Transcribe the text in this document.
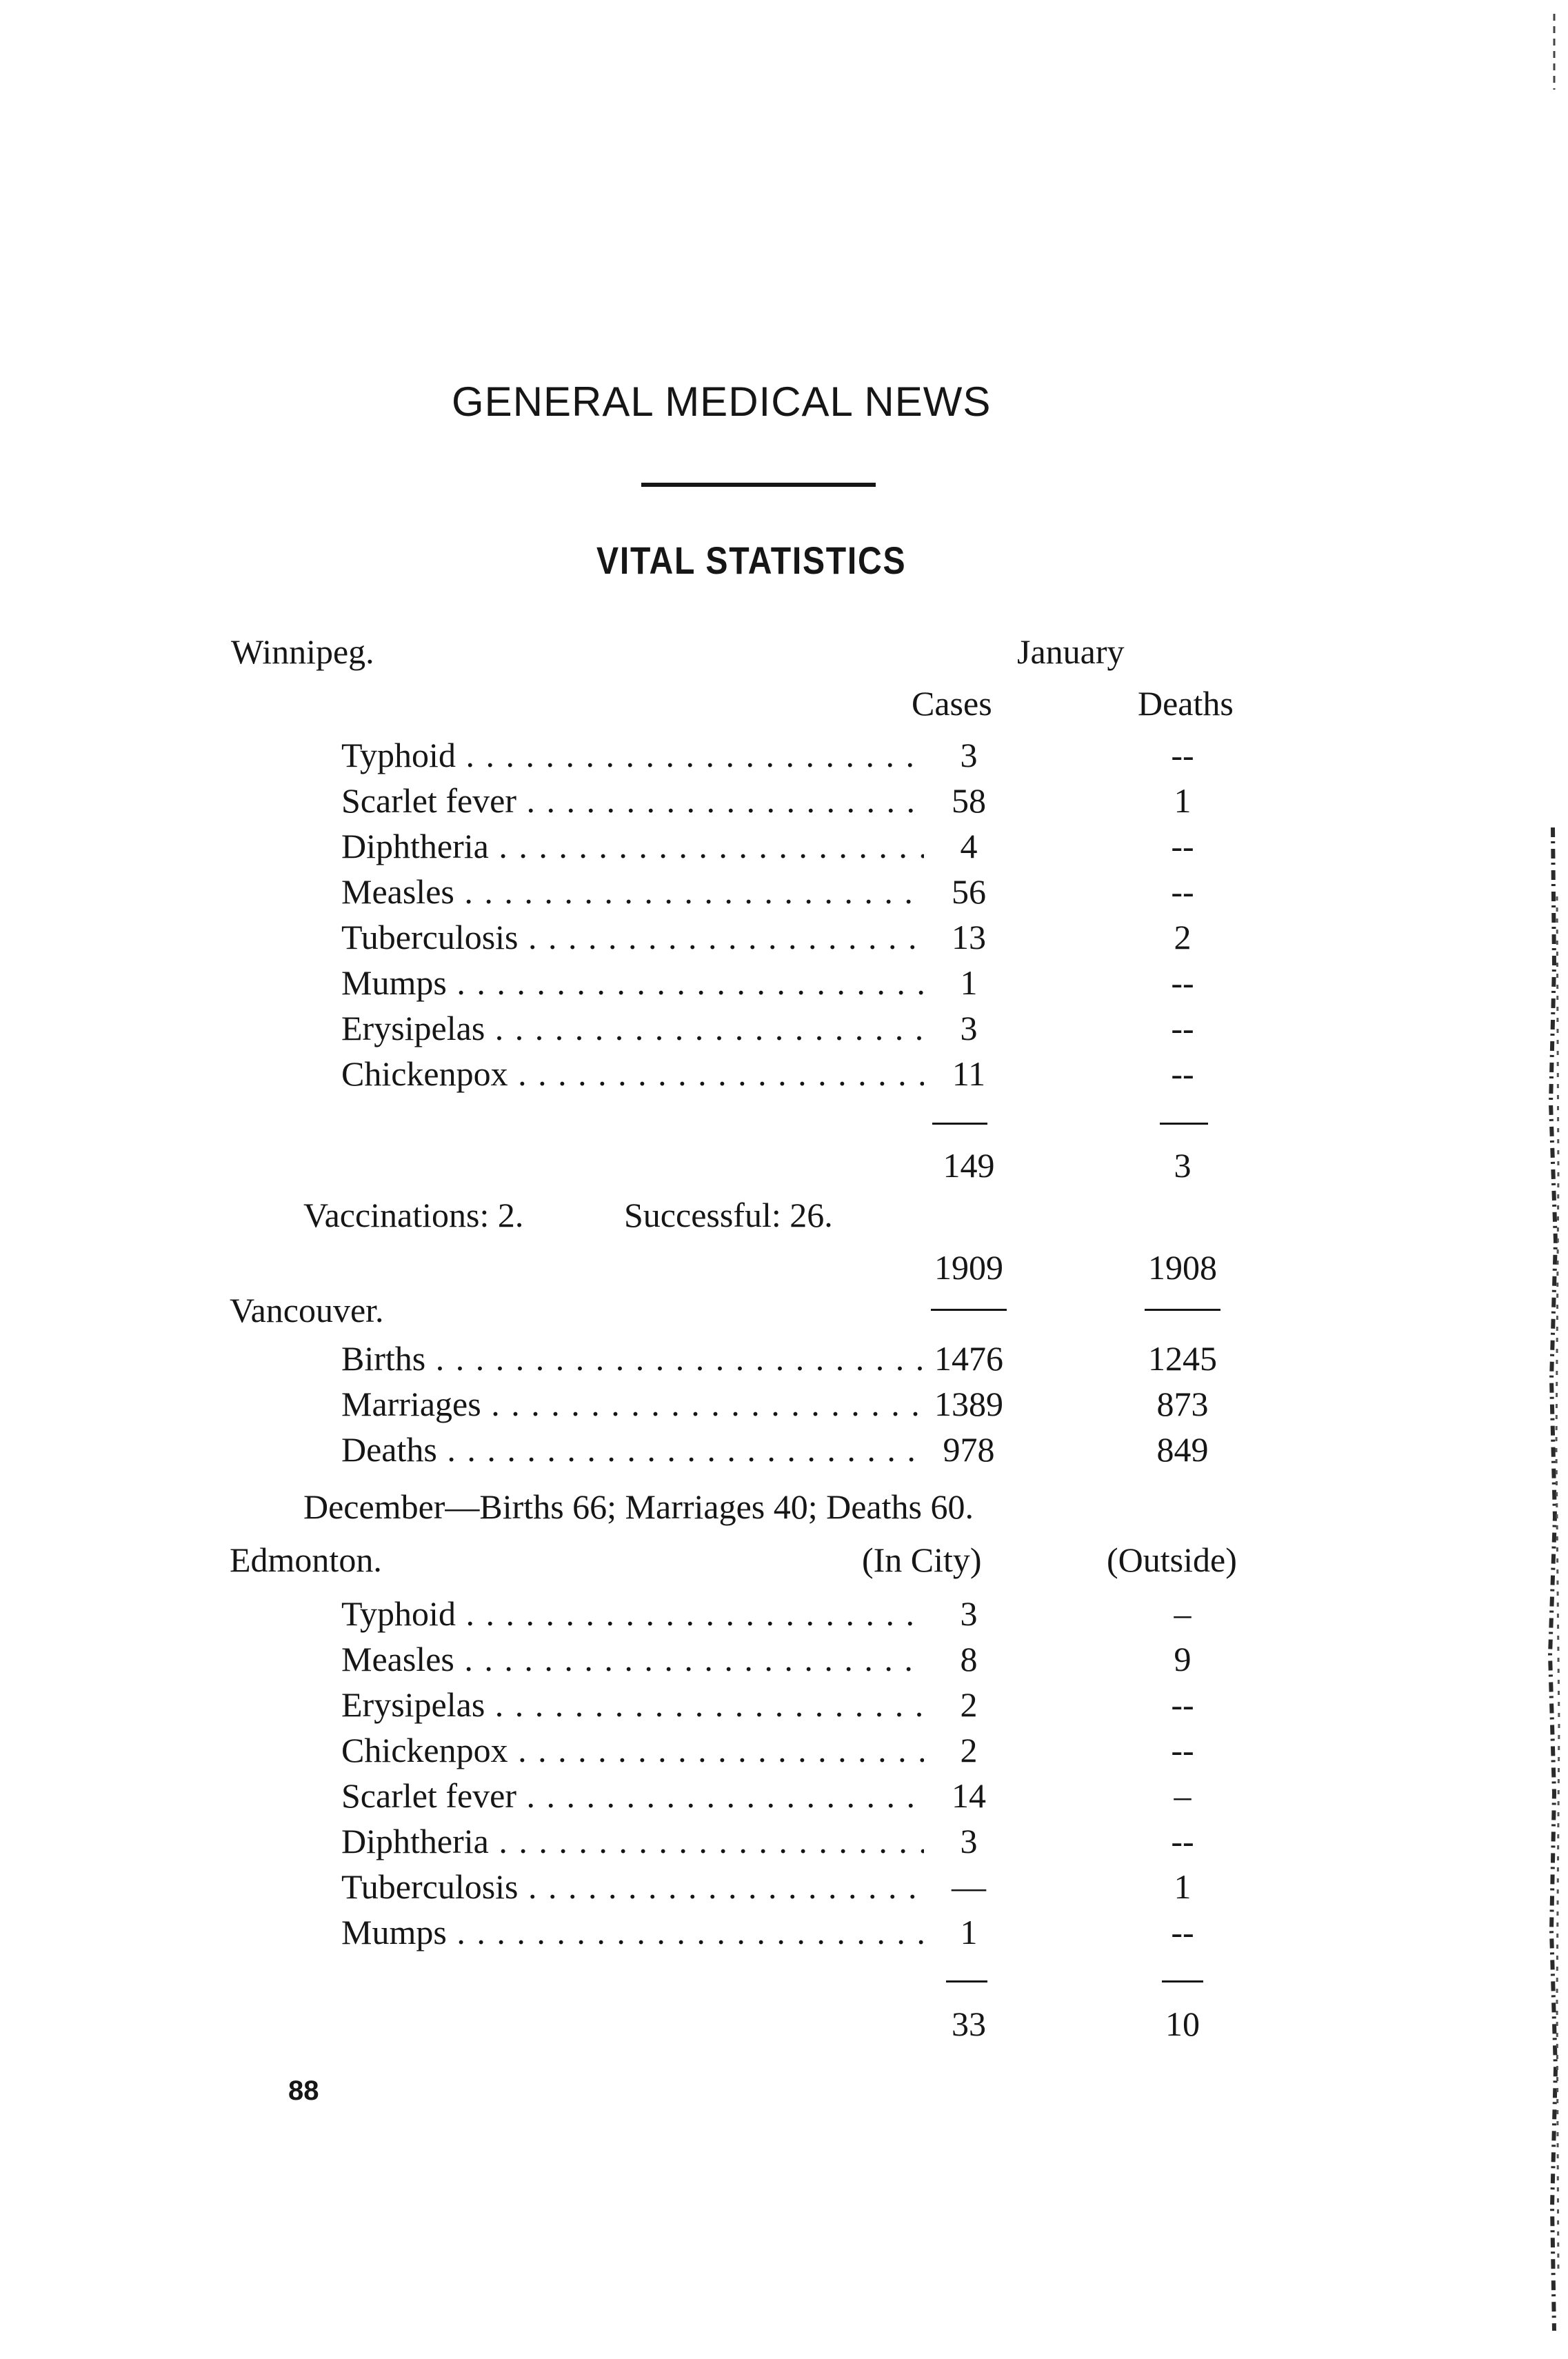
GENERAL MEDICAL NEWS
VITAL STATISTICS
Winnipeg.	January
Cases	Deaths
Typhoid . . .	3	--
Scarlet fever . . .	58	1
Diphtheria . . .	4	--
Measles . . .	56	--
Tuberculosis . . .	13	2
Mumps . . .	1	--
Erysipelas . . .	3	--
Chickenpox . . .	11	--
149	3
Vaccinations: 2.	Successful: 26.
1909	1908
Vancouver.
Births . . .	1476	1245
Marriages . . .	1389	873
Deaths . . .	978	849
December—Births 66; Marriages 40; Deaths 60.
Edmonton.	(In City)	(Outside)
Typhoid . . .	3	–
Measles . . .	8	9
Erysipelas . . .	2	--
Chickenpox . . .	2	--
Scarlet fever . . .	14	–
Diphtheria . . .	3	--
Tuberculosis . . .	—	1
Mumps . . .	1	--
33	10
88
